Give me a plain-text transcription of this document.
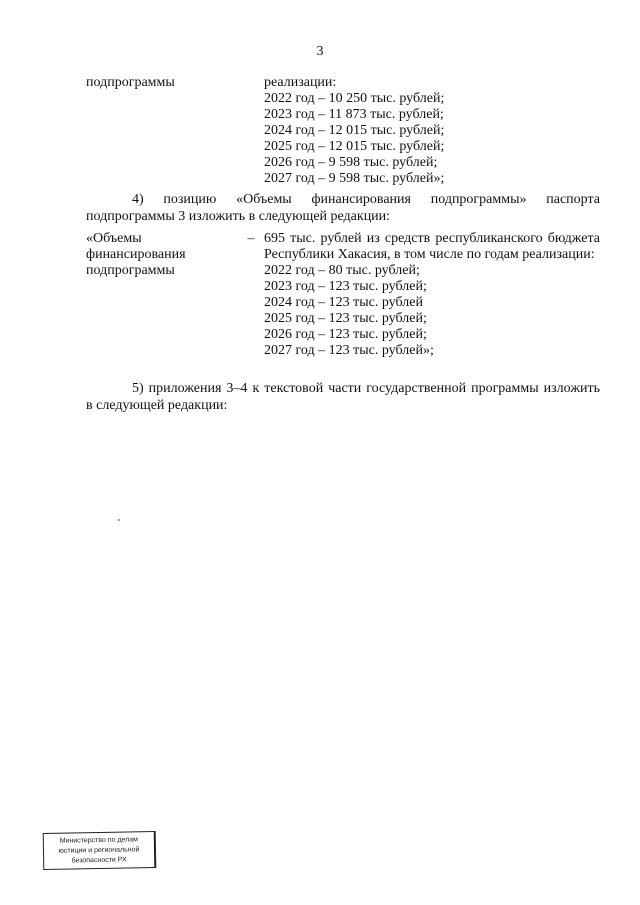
3
подпрограммы	реализации:
2022 год – 10 250 тыс. рублей;
2023 год – 11 873 тыс. рублей;
2024 год – 12 015 тыс. рублей;
2025 год – 12 015 тыс. рублей;
2026 год – 9 598 тыс. рублей;
2027 год – 9 598 тыс. рублей»;
4) позицию «Объемы финансирования подпрограммы» паспорта
подпрограммы 3 изложить в следующей редакции:
«Объемы
финансирования
подпрограммы
– 695 тыс. рублей из средств республиканского бюджета
Республики Хакасия, в том числе по годам реализации:
2022 год – 80 тыс. рублей;
2023 год – 123 тыс. рублей;
2024 год – 123 тыс. рублей
2025 год – 123 тыс. рублей;
2026 год – 123 тыс. рублей;
2027 год – 123 тыс. рублей»;
5) приложения 3–4 к текстовой части государственной программы изложить
в следующей редакции:
Министерство по делам
юстиции и региональной
безопасности РХ
